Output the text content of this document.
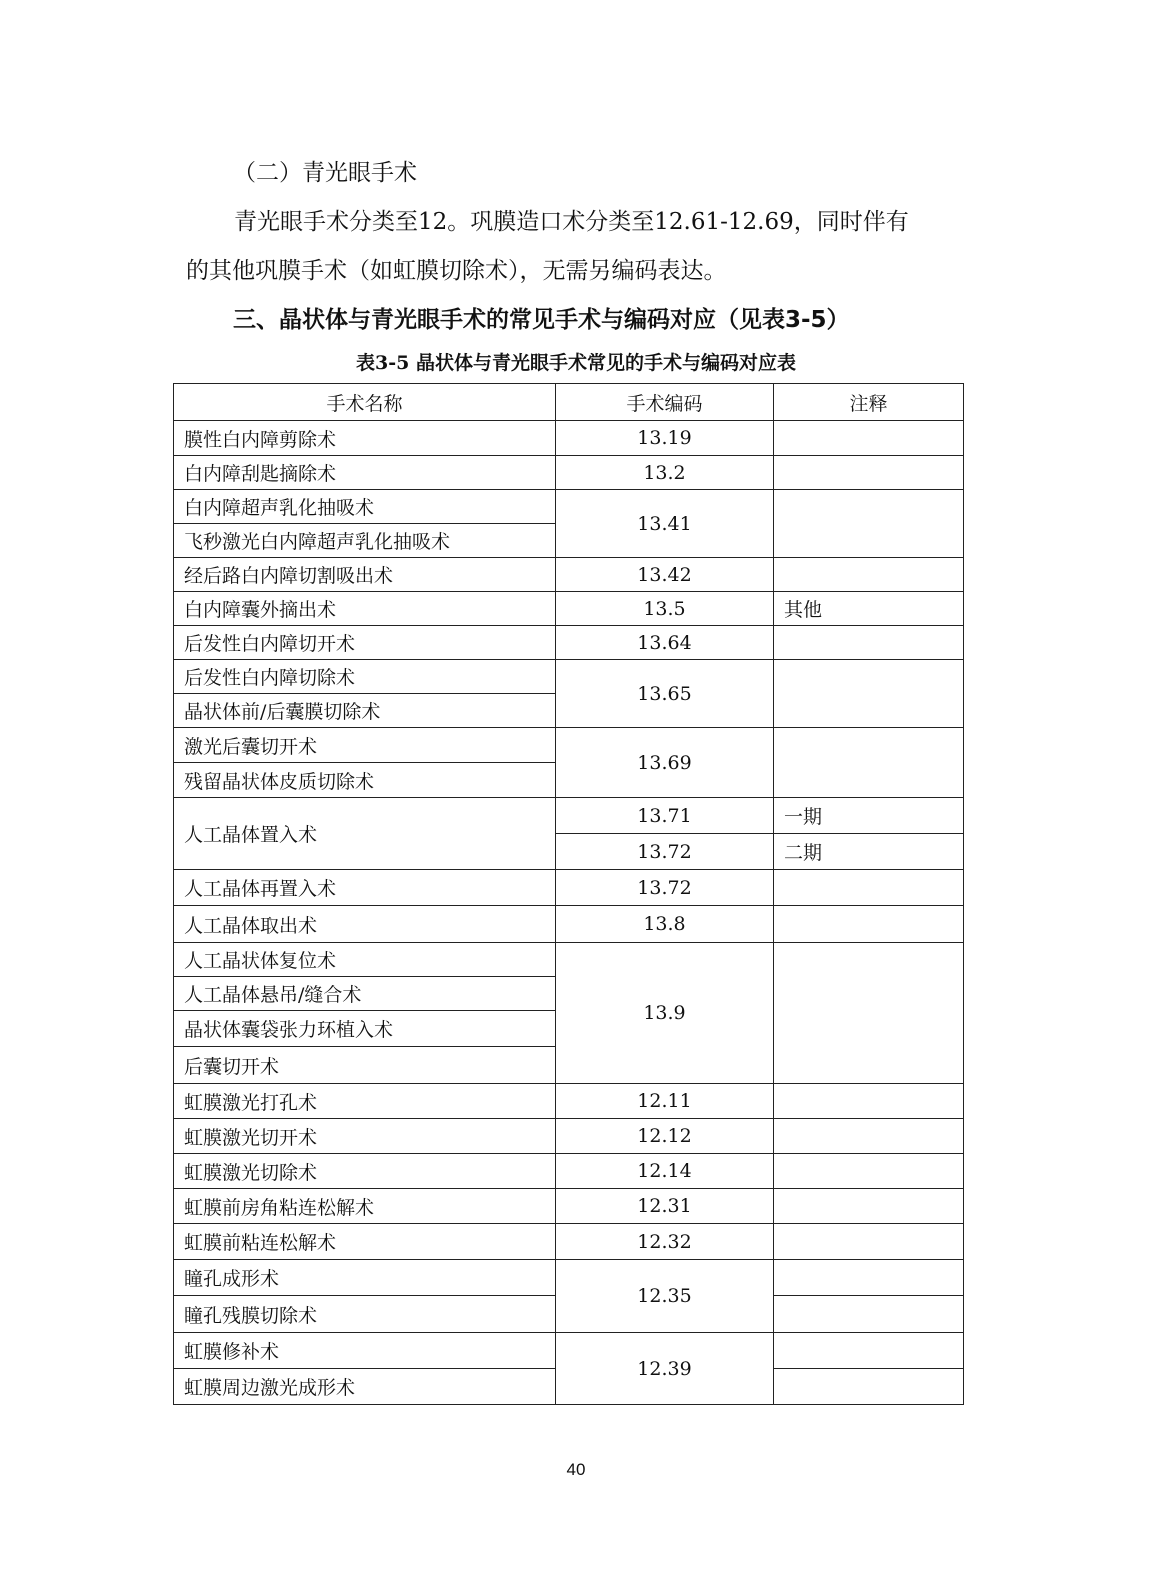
（二）青光眼手术
青光眼手术分类至12。巩膜造口术分类至12.61-12.69，同时伴有
的其他巩膜手术（如虹膜切除术），无需另编码表达。
三、晶状体与青光眼手术的常见手术与编码对应（见表3-5）
表3-5 晶状体与青光眼手术常见的手术与编码对应表
手术名称	手术编码	注释
膜性白内障剪除术	13.19	
白内障刮匙摘除术	13.2	
白内障超声乳化抽吸术	13.41	
飞秒激光白内障超声乳化抽吸术		
经后路白内障切割吸出术	13.42	
白内障囊外摘出术	13.5	其他
后发性白内障切开术	13.64	
后发性白内障切除术	13.65	
晶状体前/后囊膜切除术		
激光后囊切开术	13.69	
残留晶状体皮质切除术		
人工晶体置入术	13.71	一期
	13.72	二期
人工晶体再置入术	13.72	
人工晶体取出术	13.8	
人工晶状体复位术	13.9	
人工晶体悬吊/缝合术		
晶状体囊袋张力环植入术		
后囊切开术		
虹膜激光打孔术	12.11	
虹膜激光切开术	12.12	
虹膜激光切除术	12.14	
虹膜前房角粘连松解术	12.31	
虹膜前粘连松解术	12.32	
瞳孔成形术	12.35	
瞳孔残膜切除术		
虹膜修补术	12.39	
虹膜周边激光成形术		
40
